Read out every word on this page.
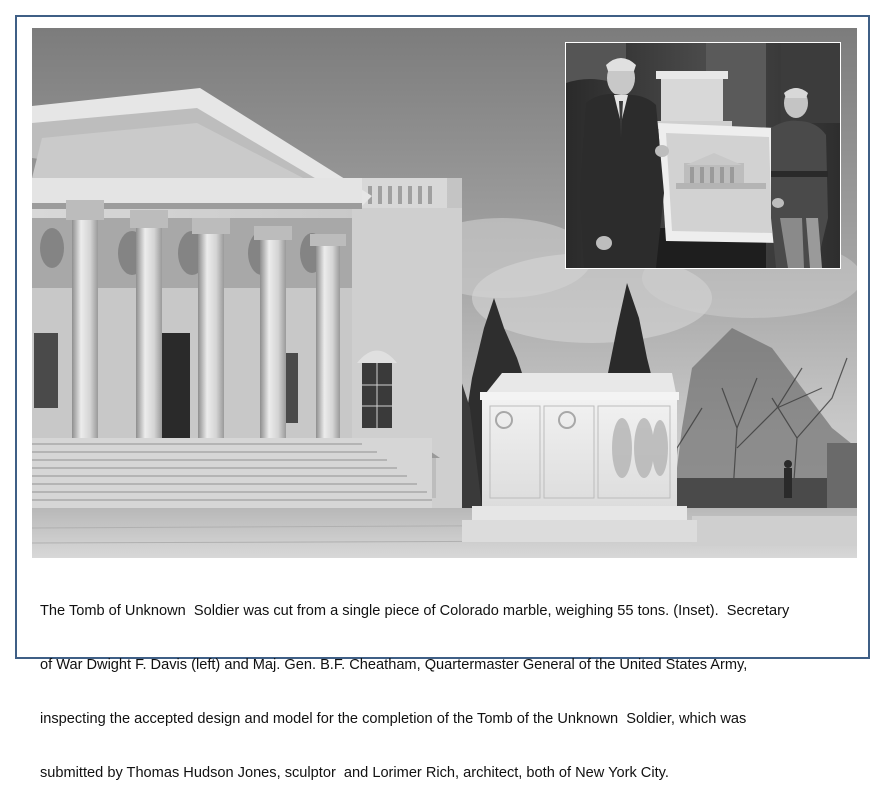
The Tomb of Unknown  Soldier was cut from a single piece of Colorado marble, weighing 55 tons. (Inset).  Secretary

of War Dwight F. Davis (left) and Maj. Gen. B.F. Cheatham, Quartermaster General of the United States Army,

inspecting the accepted design and model for the completion of the Tomb of the Unknown  Soldier, which was

submitted by Thomas Hudson Jones, sculptor  and Lorimer Rich, architect, both of New York City.
